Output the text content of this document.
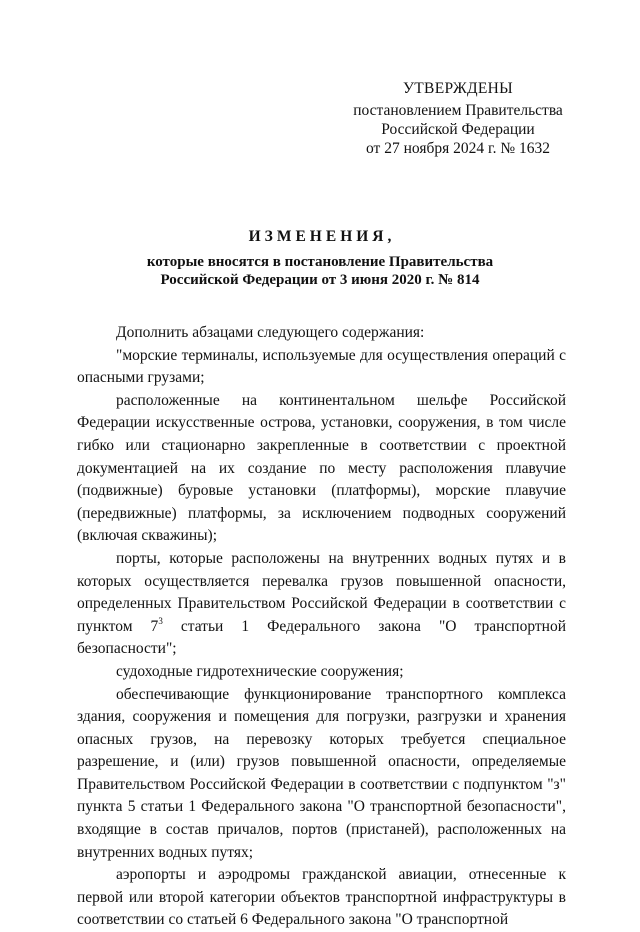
УТВЕРЖДЕНЫ
постановлением Правительства
Российской Федерации
от 27 ноября 2024 г. № 1632
ИЗМЕНЕНИЯ,
которые вносятся в постановление Правительства
Российской Федерации от 3 июня 2020 г. № 814

Дополнить абзацами следующего содержания:

"морские терминалы, используемые для осуществления операций с опасными грузами;

расположенные на континентальном шельфе Российской Федерации искусственные острова, установки, сооружения, в том числе гибко или стационарно закрепленные в соответствии с проектной документацией на их создание по месту расположения плавучие (подвижные) буровые установки (платформы), морские плавучие (передвижные) платформы, за исключением подводных сооружений (включая скважины);

порты, которые расположены на внутренних водных путях и в которых осуществляется перевалка грузов повышенной опасности, определенных Правительством Российской Федерации в соответствии с пунктом $7^3$ статьи 1 Федерального закона "О транспортной безопасности";

судоходные гидротехнические сооружения;

обеспечивающие функционирование транспортного комплекса здания, сооружения и помещения для погрузки, разгрузки и хранения опасных грузов, на перевозку которых требуется специальное разрешение, и (или) грузов повышенной опасности, определяемые Правительством Российской Федерации в соответствии с подпунктом "з" пункта 5 статьи 1 Федерального закона "О транспортной безопасности", входящие в состав причалов, портов (пристаней), расположенных на внутренних водных путях;

аэропорты и аэродромы гражданской авиации, отнесенные к первой или второй категории объектов транспортной инфраструктуры в соответствии со статьей 6 Федерального закона "О транспортной
